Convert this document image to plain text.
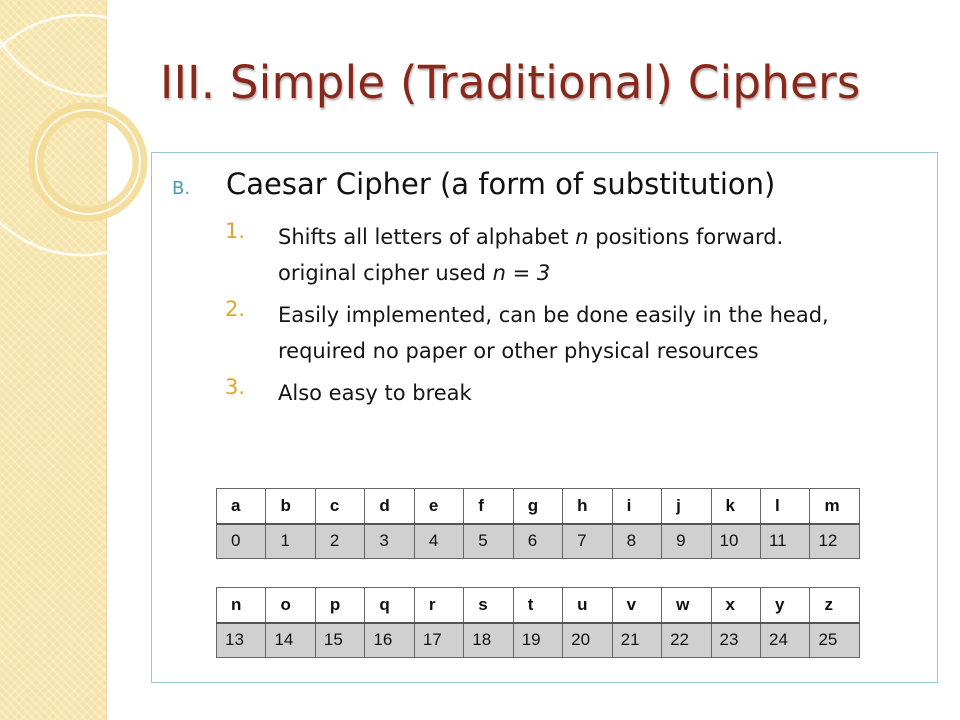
III. Simple (Traditional) Ciphers
B. Caesar Cipher (a form of substitution)
1. Shifts all letters of alphabet n positions forward.
original cipher used n = 3
2. Easily implemented, can be done easily in the head, required no paper or other physical resources
3. Also easy to break
a	b	c	d	e	f	g	h	i	j	k	l	m
0	1	2	3	4	5	6	7	8	9	10	11	12
n	o	p	q	r	s	t	u	v	w	x	y	z
13	14	15	16	17	18	19	20	21	22	23	24	25
